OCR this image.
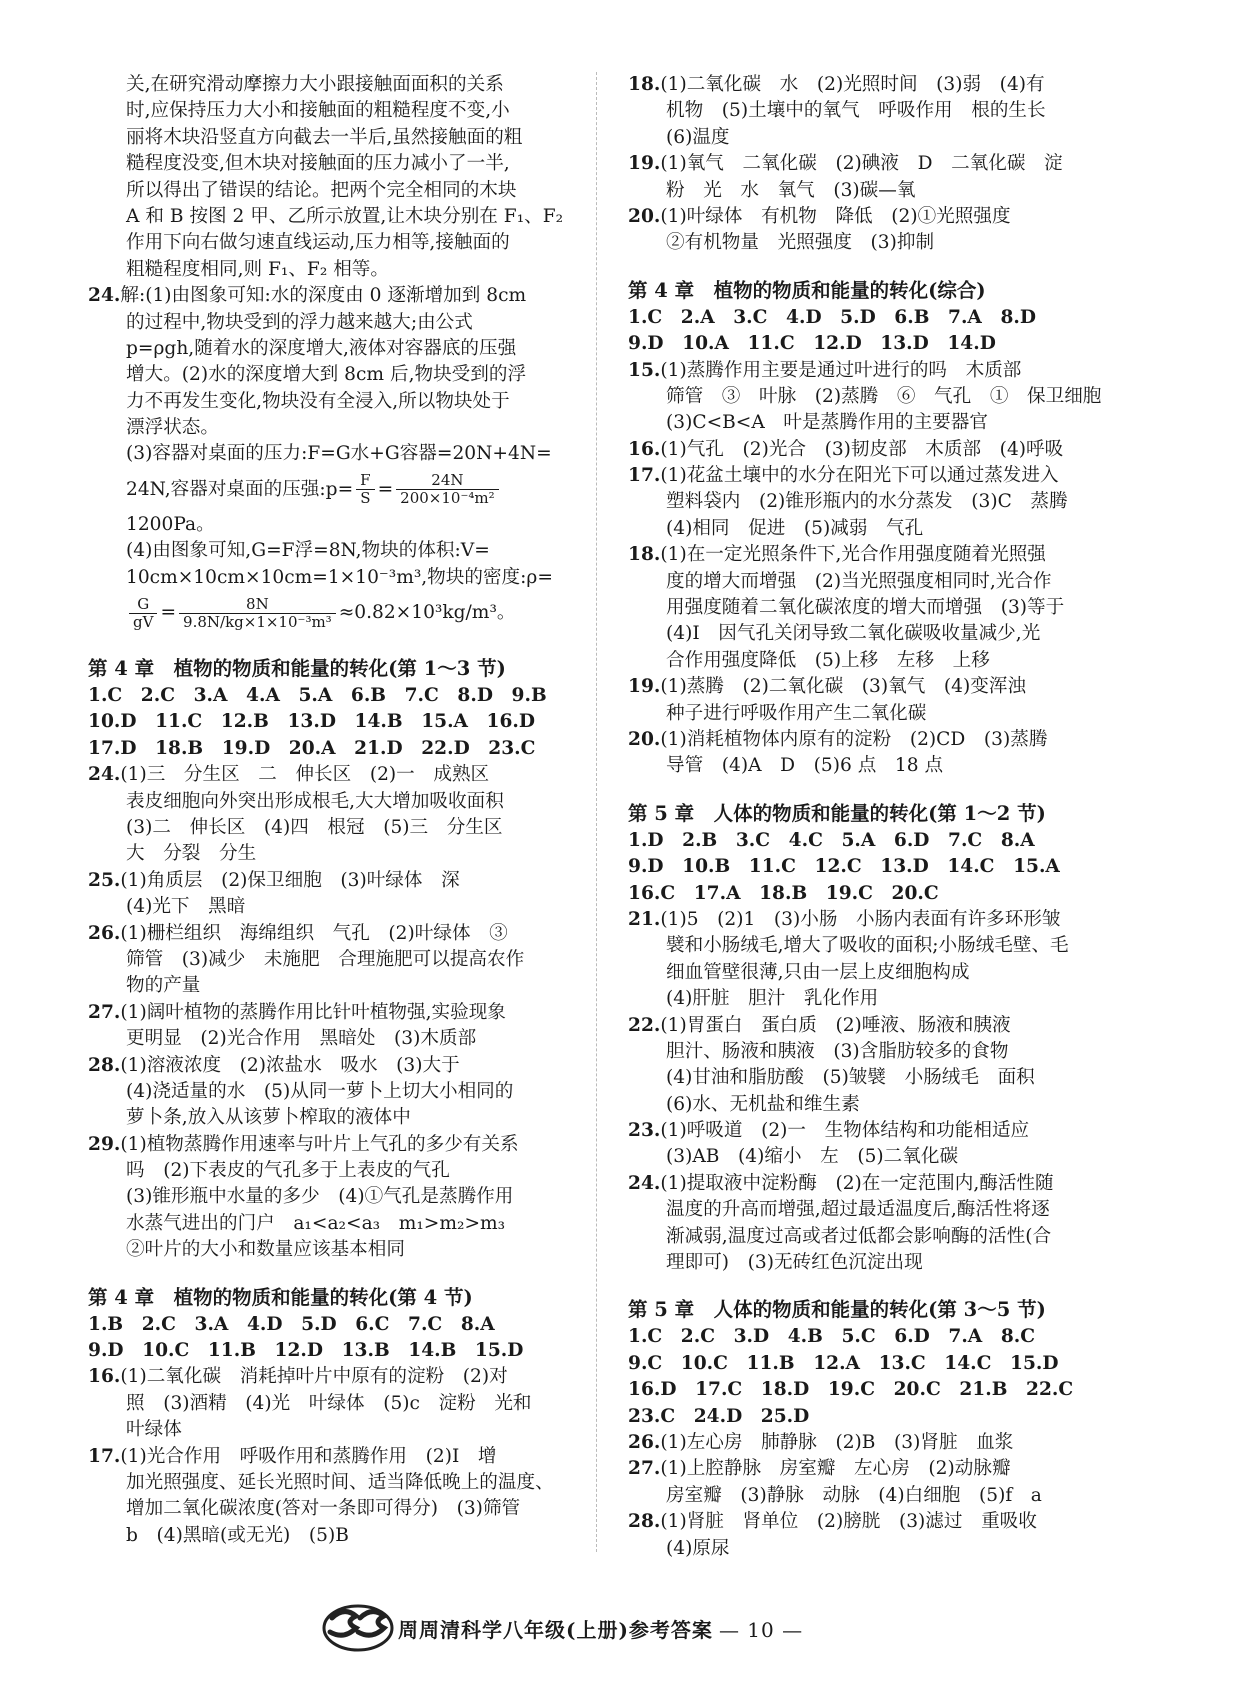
关,在研究滑动摩擦力大小跟接触面面积的关系
时,应保持压力大小和接触面的粗糙程度不变,小
丽将木块沿竖直方向截去一半后,虽然接触面的粗
糙程度没变,但木块对接触面的压力减小了一半,
所以得出了错误的结论。把两个完全相同的木块
A 和 B 按图 2 甲、乙所示放置,让木块分别在 F₁、F₂
作用下向右做匀速直线运动,压力相等,接触面的
粗糙程度相同,则 F₁、F₂ 相等。
24.解:(1)由图象可知:水的深度由 0 逐渐增加到 8cm
的过程中,物块受到的浮力越来越大;由公式
p=ρgh,随着水的深度增大,液体对容器底的压强
增大。(2)水的深度增大到 8cm 后,物块受到的浮
力不再发生变化,物块没有全浸入,所以物块处于
漂浮状态。
(3)容器对桌面的压力:F=G水+G容器=20N+4N=
24N,容器对桌面的压强:p= $\frac{F}{S} = \frac{24N}{\text{200×10⁻⁴m²}}$
1200Pa。
(4)由图象可知,G=F浮=8N,物块的体积:V=
10cm×10cm×10cm=1×10⁻³m³,物块的密度:ρ=
$\frac{G}{gV} = \frac{8N}{\text{9.8N/kg×1×10⁻³m³}} \approx 0.82\times 10^3kg/m^3$。
第 4 章　植物的物质和能量的转化(第 1～3 节)
1.C　2.C　3.A　4.A　5.A　6.B　7.C　8.D　9.B
10.D　11.C　12.B　13.D　14.B　15.A　16.D
17.D　18.B　19.D　20.A　21.D　22.D　23.C
24.(1)三　分生区　二　伸长区　(2)一　成熟区
表皮细胞向外突出形成根毛,大大增加吸收面积
(3)二　伸长区　(4)四　根冠　(5)三　分生区
大　分裂　分生
25.(1)角质层　(2)保卫细胞　(3)叶绿体　深
(4)光下　黑暗
26.(1)栅栏组织　海绵组织　气孔　(2)叶绿体　③
筛管　(3)减少　未施肥　合理施肥可以提高农作
物的产量
27.(1)阔叶植物的蒸腾作用比针叶植物强,实验现象
更明显　(2)光合作用　黑暗处　(3)木质部
28.(1)溶液浓度　(2)浓盐水　吸水　(3)大于
(4)浇适量的水　(5)从同一萝卜上切大小相同的
萝卜条,放入从该萝卜榨取的液体中
29.(1)植物蒸腾作用速率与叶片上气孔的多少有关系
吗　(2)下表皮的气孔多于上表皮的气孔
(3)锥形瓶中水量的多少　(4)①气孔是蒸腾作用
水蒸气进出的门户　a₁<a₂<a₃　m₁>m₂>m₃
②叶片的大小和数量应该基本相同
第 4 章　植物的物质和能量的转化(第 4 节)
1.B　2.C　3.A　4.D　5.D　6.C　7.C　8.A
9.D　10.C　11.B　12.D　13.B　14.B　15.D
16.(1)二氧化碳　消耗掉叶片中原有的淀粉　(2)对
照　(3)酒精　(4)光　叶绿体　(5)c　淀粉　光和
叶绿体
17.(1)光合作用　呼吸作用和蒸腾作用　(2)Ⅰ　增
加光照强度、延长光照时间、适当降低晚上的温度、
增加二氧化碳浓度(答对一条即可得分)　(3)筛管
b　(4)黑暗(或无光)　(5)B
18.(1)二氧化碳　水　(2)光照时间　(3)弱　(4)有
机物　(5)土壤中的氧气　呼吸作用　根的生长
(6)温度
19.(1)氧气　二氧化碳　(2)碘液　D　二氧化碳　淀
粉　光　水　氧气　(3)碳—氧
20.(1)叶绿体　有机物　降低　(2)①光照强度
②有机物量　光照强度　(3)抑制
第 4 章　植物的物质和能量的转化(综合)
1.C　2.A　3.C　4.D　5.D　6.B　7.A　8.D
9.D　10.A　11.C　12.D　13.D　14.D
15.(1)蒸腾作用主要是通过叶进行的吗　木质部
筛管　③　叶脉　(2)蒸腾　⑥　气孔　①　保卫细胞
(3)C<B<A　叶是蒸腾作用的主要器官
16.(1)气孔　(2)光合　(3)韧皮部　木质部　(4)呼吸
17.(1)花盆土壤中的水分在阳光下可以通过蒸发进入
塑料袋内　(2)锥形瓶内的水分蒸发　(3)C　蒸腾
(4)相同　促进　(5)减弱　气孔
18.(1)在一定光照条件下,光合作用强度随着光照强
度的增大而增强　(2)当光照强度相同时,光合作
用强度随着二氧化碳浓度的增大而增强　(3)等于
(4)Ⅰ　因气孔关闭导致二氧化碳吸收量减少,光
合作用强度降低　(5)上移　左移　上移
19.(1)蒸腾　(2)二氧化碳　(3)氧气　(4)变浑浊
种子进行呼吸作用产生二氧化碳
20.(1)消耗植物体内原有的淀粉　(2)CD　(3)蒸腾
导管　(4)A　D　(5)6 点　18 点
第 5 章　人体的物质和能量的转化(第 1～2 节)
1.D　2.B　3.C　4.C　5.A　6.D　7.C　8.A
9.D　10.B　11.C　12.C　13.D　14.C　15.A
16.C　17.A　18.B　19.C　20.C
21.(1)5　(2)1　(3)小肠　小肠内表面有许多环形皱
襞和小肠绒毛,增大了吸收的面积;小肠绒毛壁、毛
细血管壁很薄,只由一层上皮细胞构成
(4)肝脏　胆汁　乳化作用
22.(1)胃蛋白　蛋白质　(2)唾液、肠液和胰液
胆汁、肠液和胰液　(3)含脂肪较多的食物
(4)甘油和脂肪酸　(5)皱襞　小肠绒毛　面积
(6)水、无机盐和维生素
23.(1)呼吸道　(2)一　生物体结构和功能相适应
(3)AB　(4)缩小　左　(5)二氧化碳
24.(1)提取液中淀粉酶　(2)在一定范围内,酶活性随
温度的升高而增强,超过最适温度后,酶活性将逐
渐减弱,温度过高或者过低都会影响酶的活性(合
理即可)　(3)无砖红色沉淀出现
第 5 章　人体的物质和能量的转化(第 3～5 节)
1.C　2.C　3.D　4.B　5.C　6.D　7.A　8.C
9.C　10.C　11.B　12.A　13.C　14.C　15.D
16.D　17.C　18.D　19.C　20.C　21.B　22.C
23.C　24.D　25.D
26.(1)左心房　肺静脉　(2)B　(3)肾脏　血浆
27.(1)上腔静脉　房室瓣　左心房　(2)动脉瓣
房室瓣　(3)静脉　动脉　(4)白细胞　(5)f　a
28.(1)肾脏　肾单位　(2)膀胱　(3)滤过　重吸收
(4)原尿
周周清科学八年级(上册)参考答案 — 10 —
